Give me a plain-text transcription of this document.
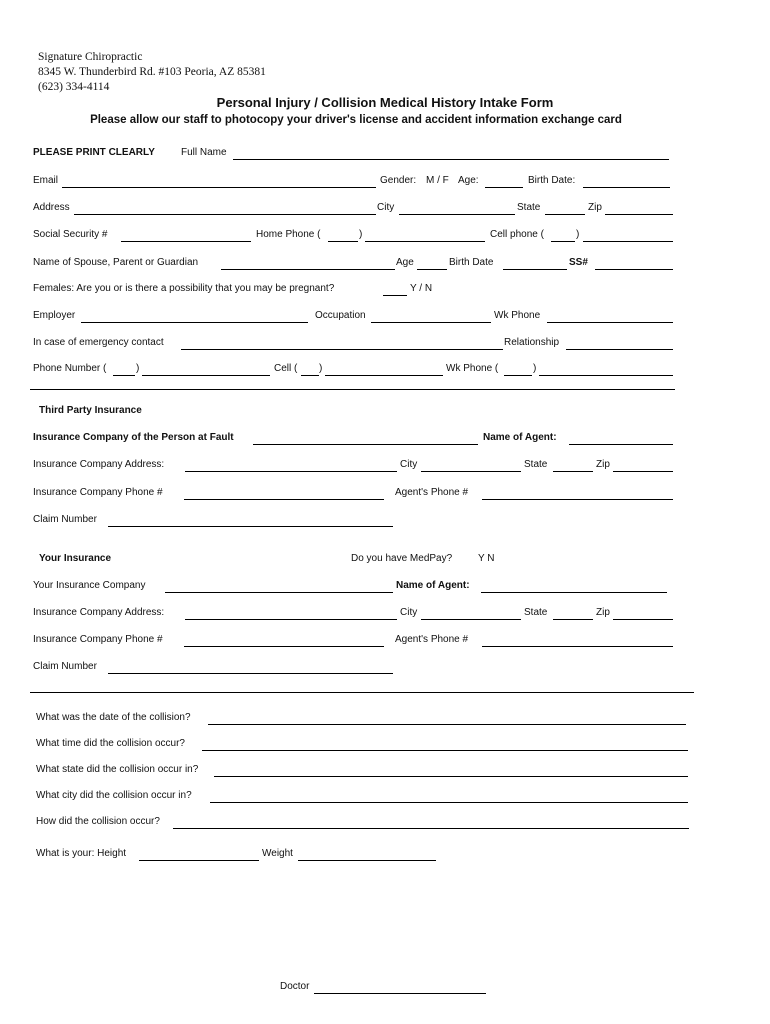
Signature Chiropractic
8345 W. Thunderbird Rd. #103 Peoria, AZ 85381
(623) 334-4114
Personal Injury / Collision Medical History Intake Form
Please allow our staff to photocopy your driver's license and accident information exchange card
PLEASE PRINT CLEARLY	Full Name
Email	Gender: M / F Age:	Birth Date:
Address	City	State	Zip
Social Security #	Home Phone (	)	Cell phone (	)
Name of Spouse, Parent or Guardian	Age	Birth Date	SS#
Females: Are you or is there a possibility that you may be pregnant?	Y / N
Employer	Occupation	Wk Phone
In case of emergency contact	Relationship
Phone Number (	)	Cell ( )	Wk Phone (	)
Third Party Insurance
Insurance Company of the Person at Fault	Name of Agent:
Insurance Company Address:	City	State	Zip
Insurance Company Phone #	Agent's Phone #
Claim Number
Your Insurance	Do you have MedPay?	Y N
Your Insurance Company	Name of Agent:
Insurance Company Address:	City	State	Zip
Insurance Company Phone #	Agent's Phone #
Claim Number
What was the date of the collision?
What time did the collision occur?
What state did the collision occur in?
What city did the collision occur in?
How did the collision occur?
What is your: Height	Weight
Doctor
